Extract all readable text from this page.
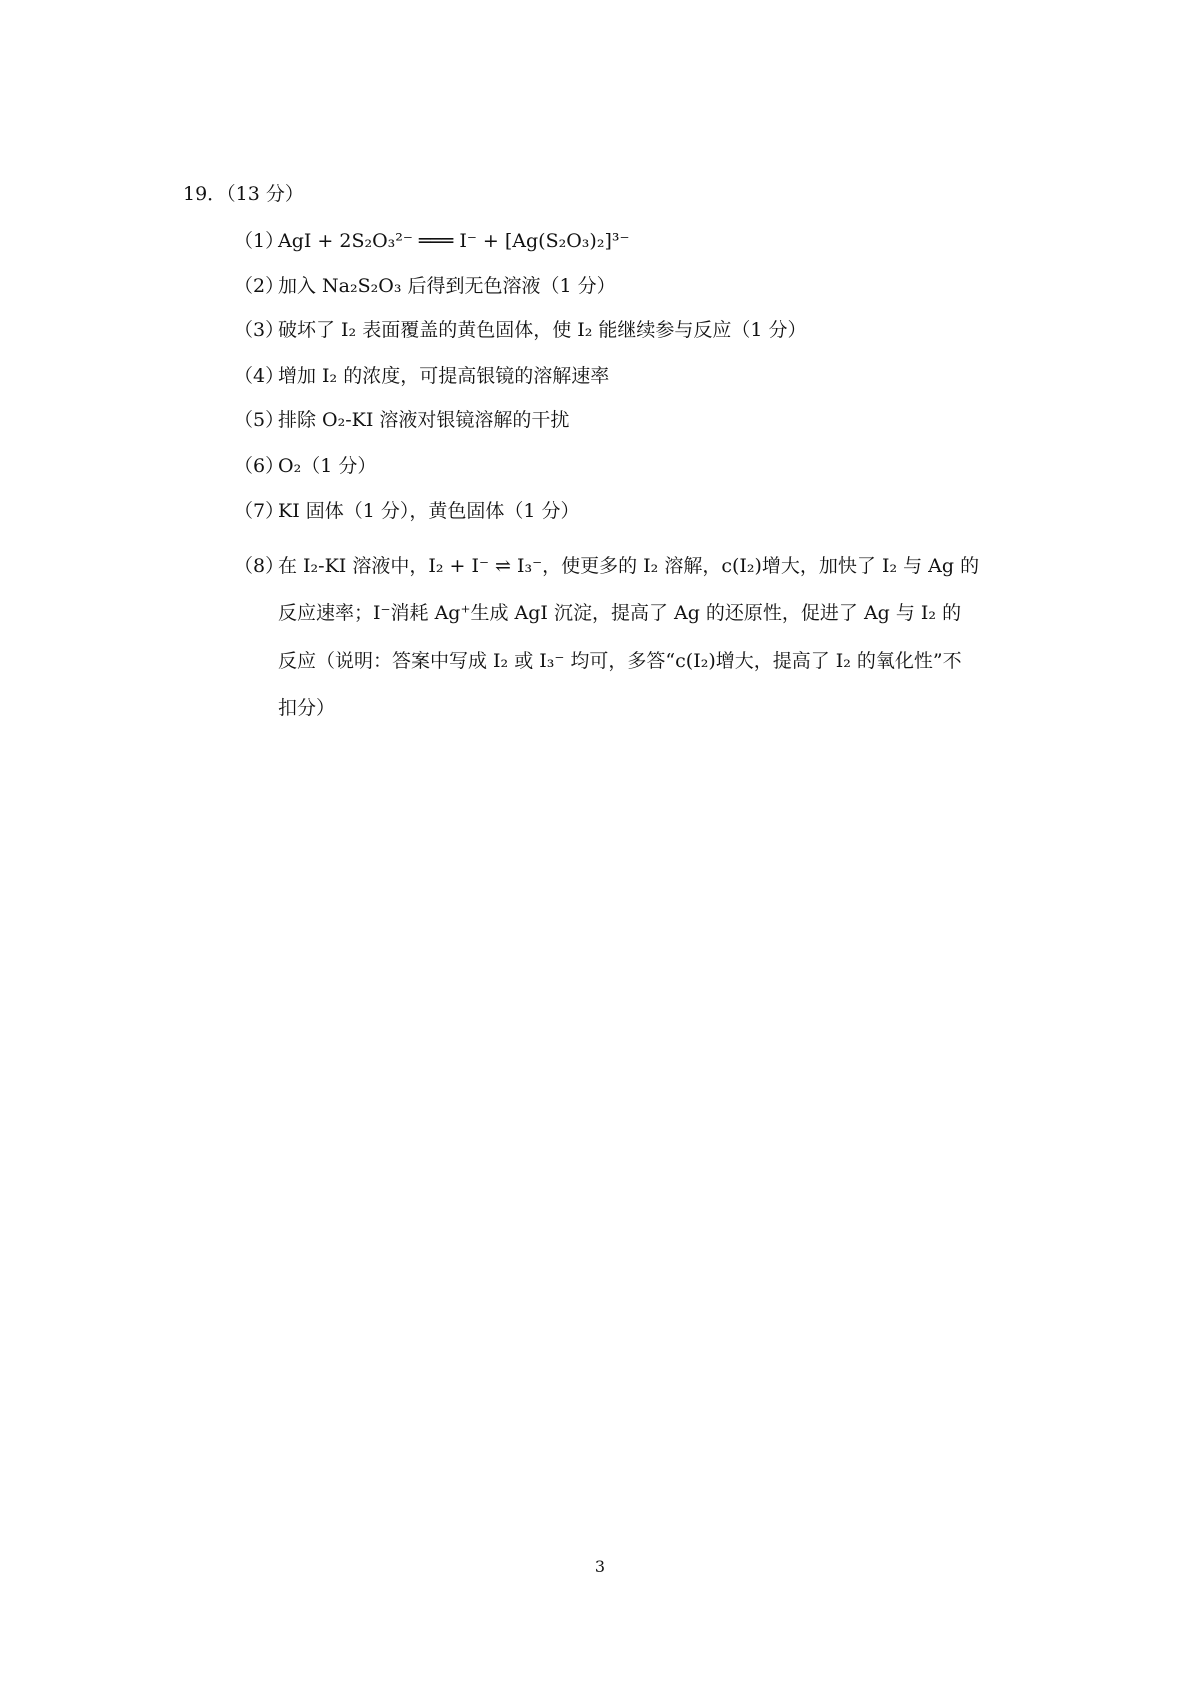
19．（13 分）
（1）AgI + 2S₂O₃²⁻ ═══ I⁻ + [Ag(S₂O₃)₂]³⁻
（2）加入 Na₂S₂O₃ 后得到无色溶液（1 分）
（3）破坏了 I₂ 表面覆盖的黄色固体，使 I₂ 能继续参与反应（1 分）
（4）增加 I₂ 的浓度，可提高银镜的溶解速率
（5）排除 O₂-KI 溶液对银镜溶解的干扰
（6）O₂（1 分）
（7）KI 固体（1 分），黄色固体（1 分）
（8）在 I₂-KI 溶液中，I₂ + I⁻ ⇌ I₃⁻，使更多的 I₂ 溶解，c(I₂)增大，加快了 I₂ 与 Ag 的
反应速率；I⁻消耗 Ag⁺生成 AgI 沉淀，提高了 Ag 的还原性，促进了 Ag 与 I₂ 的
反应（说明：答案中写成 I₂ 或 I₃⁻ 均可，多答“c(I₂)增大，提高了 I₂ 的氧化性”不
扣分）
3
